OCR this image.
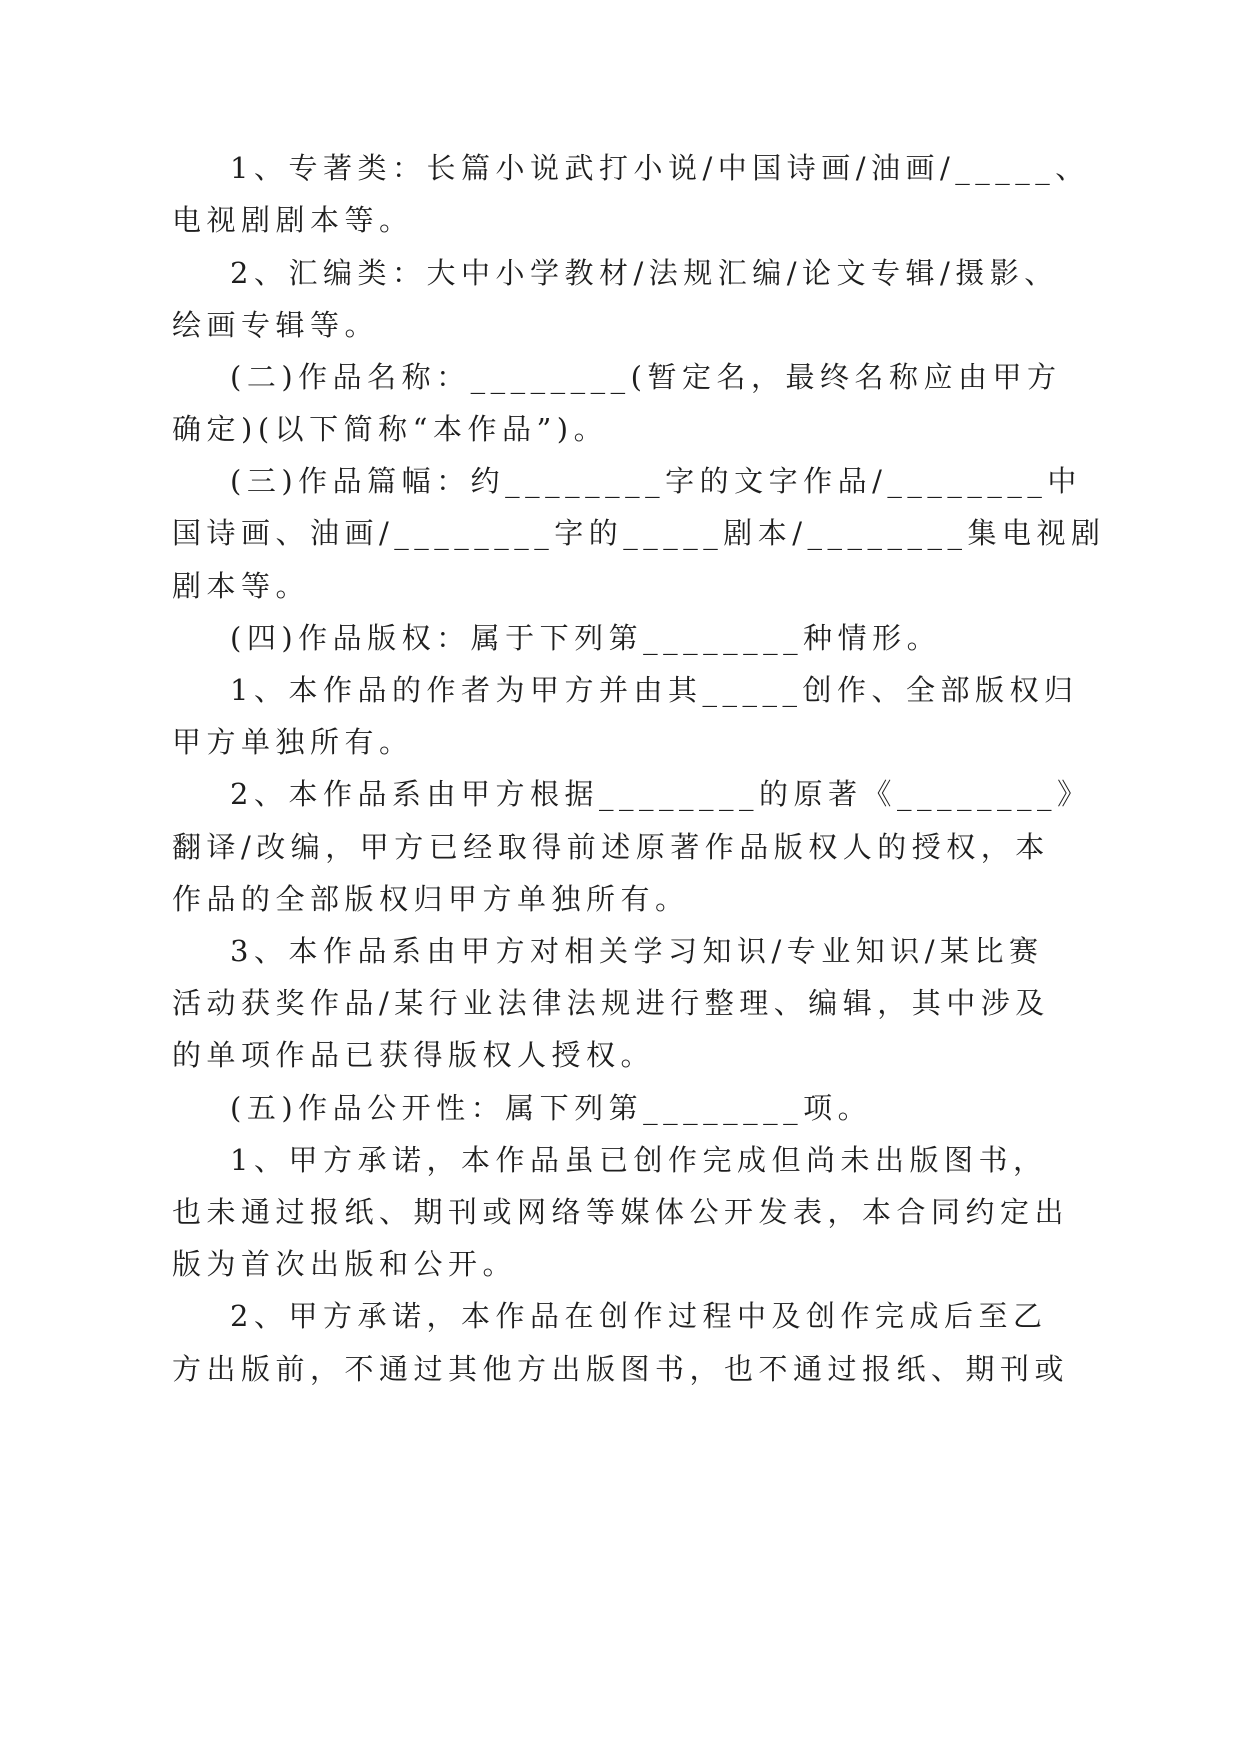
1、专著类：长篇小说武打小说/中国诗画/油画/_____、

电视剧剧本等。

2、汇编类：大中小学教材/法规汇编/论文专辑/摄影、

绘画专辑等。

(二)作品名称：________(暂定名，最终名称应由甲方

确定)(以下简称“本作品”)。

(三)作品篇幅：约________字的文字作品/________中

国诗画、油画/________字的_____剧本/________集电视剧

剧本等。

(四)作品版权：属于下列第________种情形。

1、本作品的作者为甲方并由其_____创作、全部版权归

甲方单独所有。

2、本作品系由甲方根据________的原著《________》

翻译/改编，甲方已经取得前述原著作品版权人的授权，本

作品的全部版权归甲方单独所有。

3、本作品系由甲方对相关学习知识/专业知识/某比赛

活动获奖作品/某行业法律法规进行整理、编辑，其中涉及

的单项作品已获得版权人授权。

(五)作品公开性：属下列第________项。

1、甲方承诺，本作品虽已创作完成但尚未出版图书，

也未通过报纸、期刊或网络等媒体公开发表，本合同约定出

版为首次出版和公开。

2、甲方承诺，本作品在创作过程中及创作完成后至乙

方出版前，不通过其他方出版图书，也不通过报纸、期刊或
